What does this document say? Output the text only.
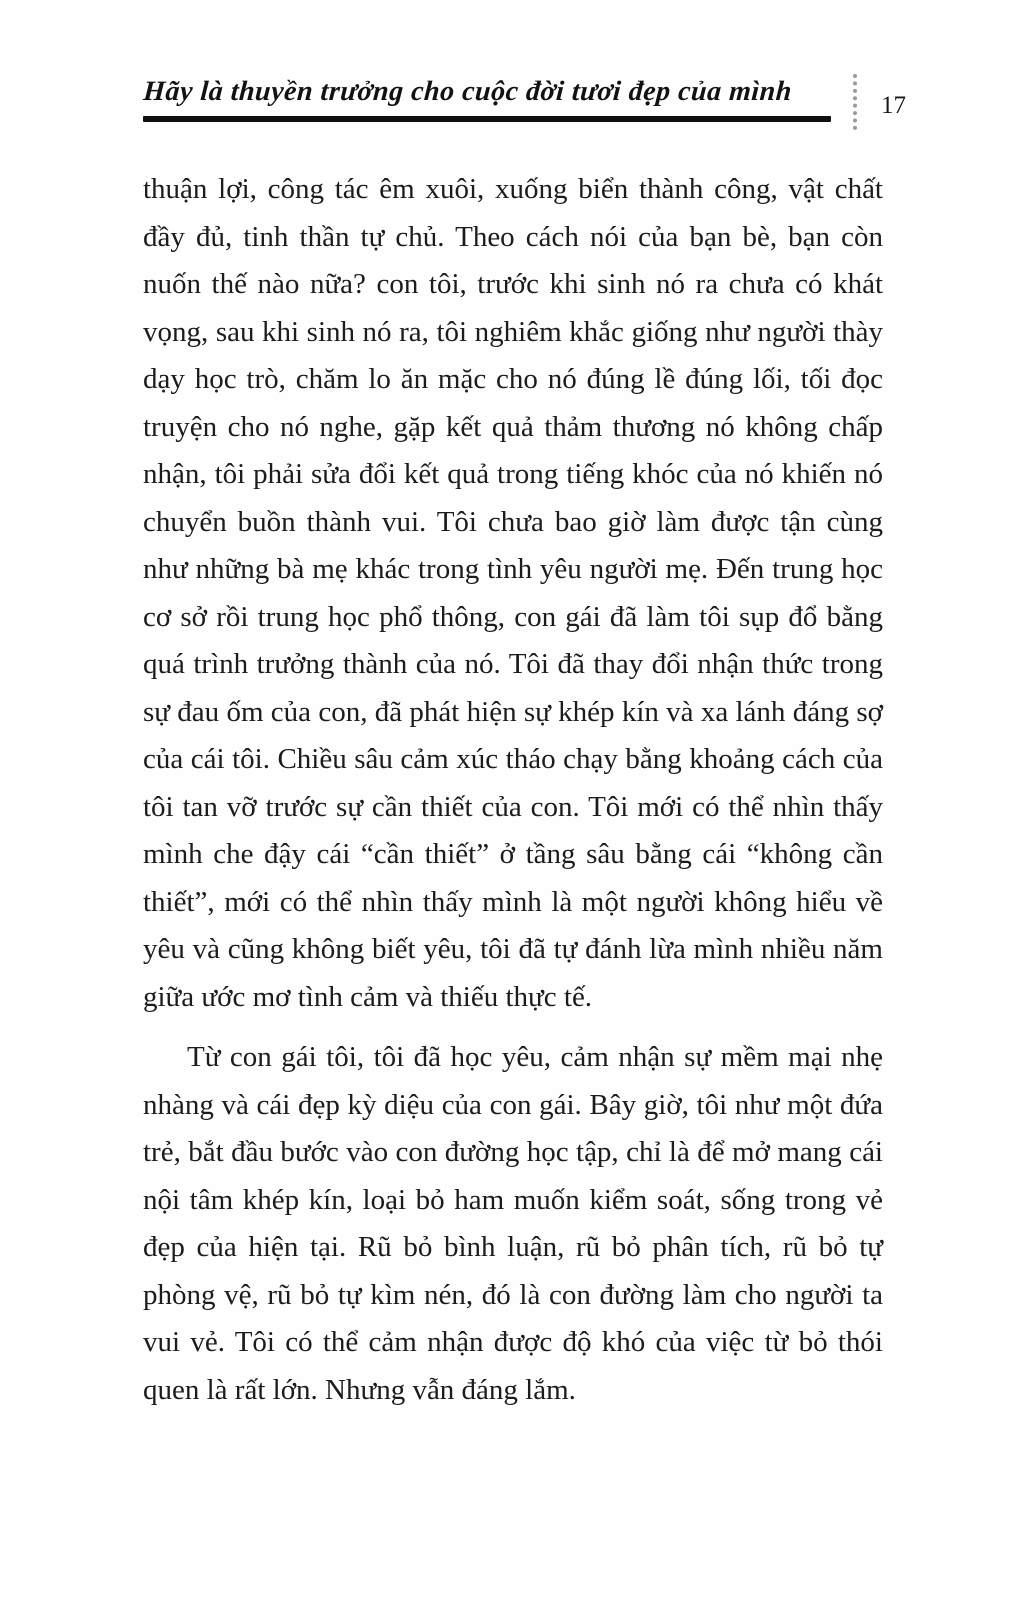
Hãy là thuyền trưởng cho cuộc đời tươi đẹp của mình	17

thuận lợi, công tác êm xuôi, xuống biển thành công, vật chất đầy đủ, tinh thần tự chủ. Theo cách nói của bạn bè, bạn còn nuốn thế nào nữa? con tôi, trước khi sinh nó ra chưa có khát vọng, sau khi sinh nó ra, tôi nghiêm khắc giống như người thày dạy học trò, chăm lo ăn mặc cho nó đúng lề đúng lối, tối đọc truyện cho nó nghe, gặp kết quả thảm thương nó không chấp nhận, tôi phải sửa đổi kết quả trong tiếng khóc của nó khiến nó chuyển buồn thành vui. Tôi chưa bao giờ làm được tận cùng như những bà mẹ khác trong tình yêu người mẹ. Đến trung học cơ sở rồi trung học phổ thông, con gái đã làm tôi sụp đổ bằng quá trình trưởng thành của nó. Tôi đã thay đổi nhận thức trong sự đau ốm của con, đã phát hiện sự khép kín và xa lánh đáng sợ của cái tôi. Chiều sâu cảm xúc tháo chạy bằng khoảng cách của tôi tan vỡ trước sự cần thiết của con. Tôi mới có thể nhìn thấy mình che đậy cái “cần thiết” ở tầng sâu bằng cái “không cần thiết”, mới có thể nhìn thấy mình là một người không hiểu về yêu và cũng không biết yêu, tôi đã tự đánh lừa mình nhiều năm giữa ước mơ tình cảm và thiếu thực tế.

Từ con gái tôi, tôi đã học yêu, cảm nhận sự mềm mại nhẹ nhàng và cái đẹp kỳ diệu của con gái. Bây giờ, tôi như một đứa trẻ, bắt đầu bước vào con đường học tập, chỉ là để mở mang cái nội tâm khép kín, loại bỏ ham muốn kiểm soát, sống trong vẻ đẹp của hiện tại. Rũ bỏ bình luận, rũ bỏ phân tích, rũ bỏ tự phòng vệ, rũ bỏ tự kìm nén, đó là con đường làm cho người ta vui vẻ. Tôi có thể cảm nhận được độ khó của việc từ bỏ thói quen là rất lớn. Nhưng vẫn đáng lắm.
